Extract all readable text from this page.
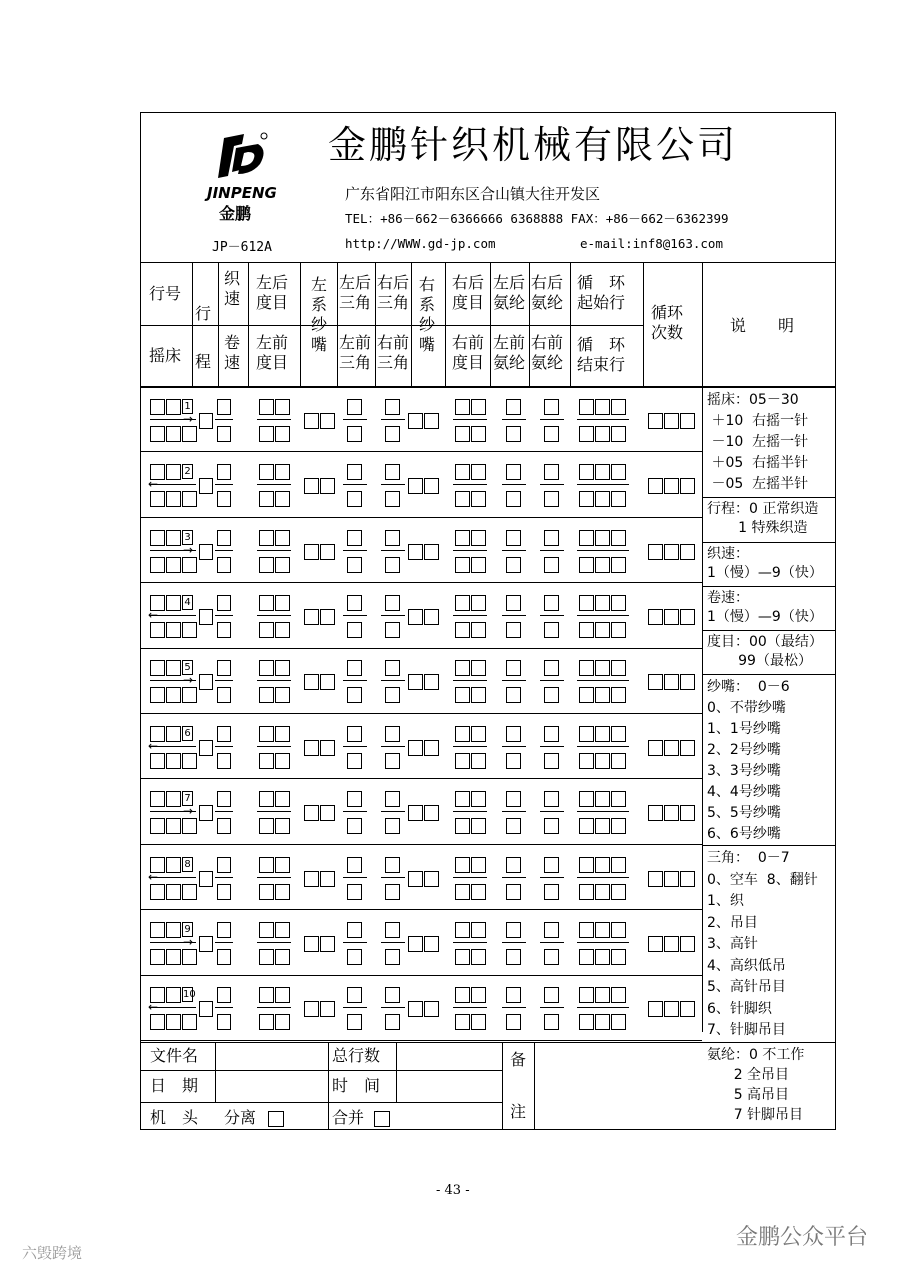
JINPENG
金鹏
JP－612A
金鹏针织机械有限公司
广东省阳江市阳东区合山镇大往开发区
TEL：+86－662－6366666 6368888 FAX：+86－662－6362399
http://WWW.gd-jp.com	e-mail:inf8@163.com
行号
摇床
行程
织速
卷速
左后度目
左前度目
左系纱嘴
左后三角
右后三角
左前三角
右前三角
右系纱嘴
右后度目
右前度目
左后氨纶
右后氨纶
左前氨纶
右前氨纶
循　环起始行
循　环结束行
循环次数	说　　明
1
→
2
←
3
→
4
←
5
→
6
←
7
→
8
←
9
→
10
←
摇床：05－30
＋10  右摇一针
－10  左摇一针
＋05  右摇半针
－05  左摇半针
行程：0 正常织造
1 特殊织造
织速：
1（慢）—9（快）
卷速：
1（慢）—9（快）
度目：00（最结）
99（最松）
纱嘴：  0－6
0、不带纱嘴
1、1号纱嘴
2、2号纱嘴
3、3号纱嘴
4、4号纱嘴
5、5号纱嘴
6、6号纱嘴
三角：  0－7
0、空车  8、翻针
1、织
2、吊目
3、高针
4、高织低吊
5、高针吊目
6、针脚织
7、针脚吊目
氨纶：0 不工作
2 全吊目
5 高吊目
7 针脚吊目
文件名
日　期
机　头 分离
总行数
时　间
合并
备
注
- 43 -
六毁跨境
金鹏公众平台
